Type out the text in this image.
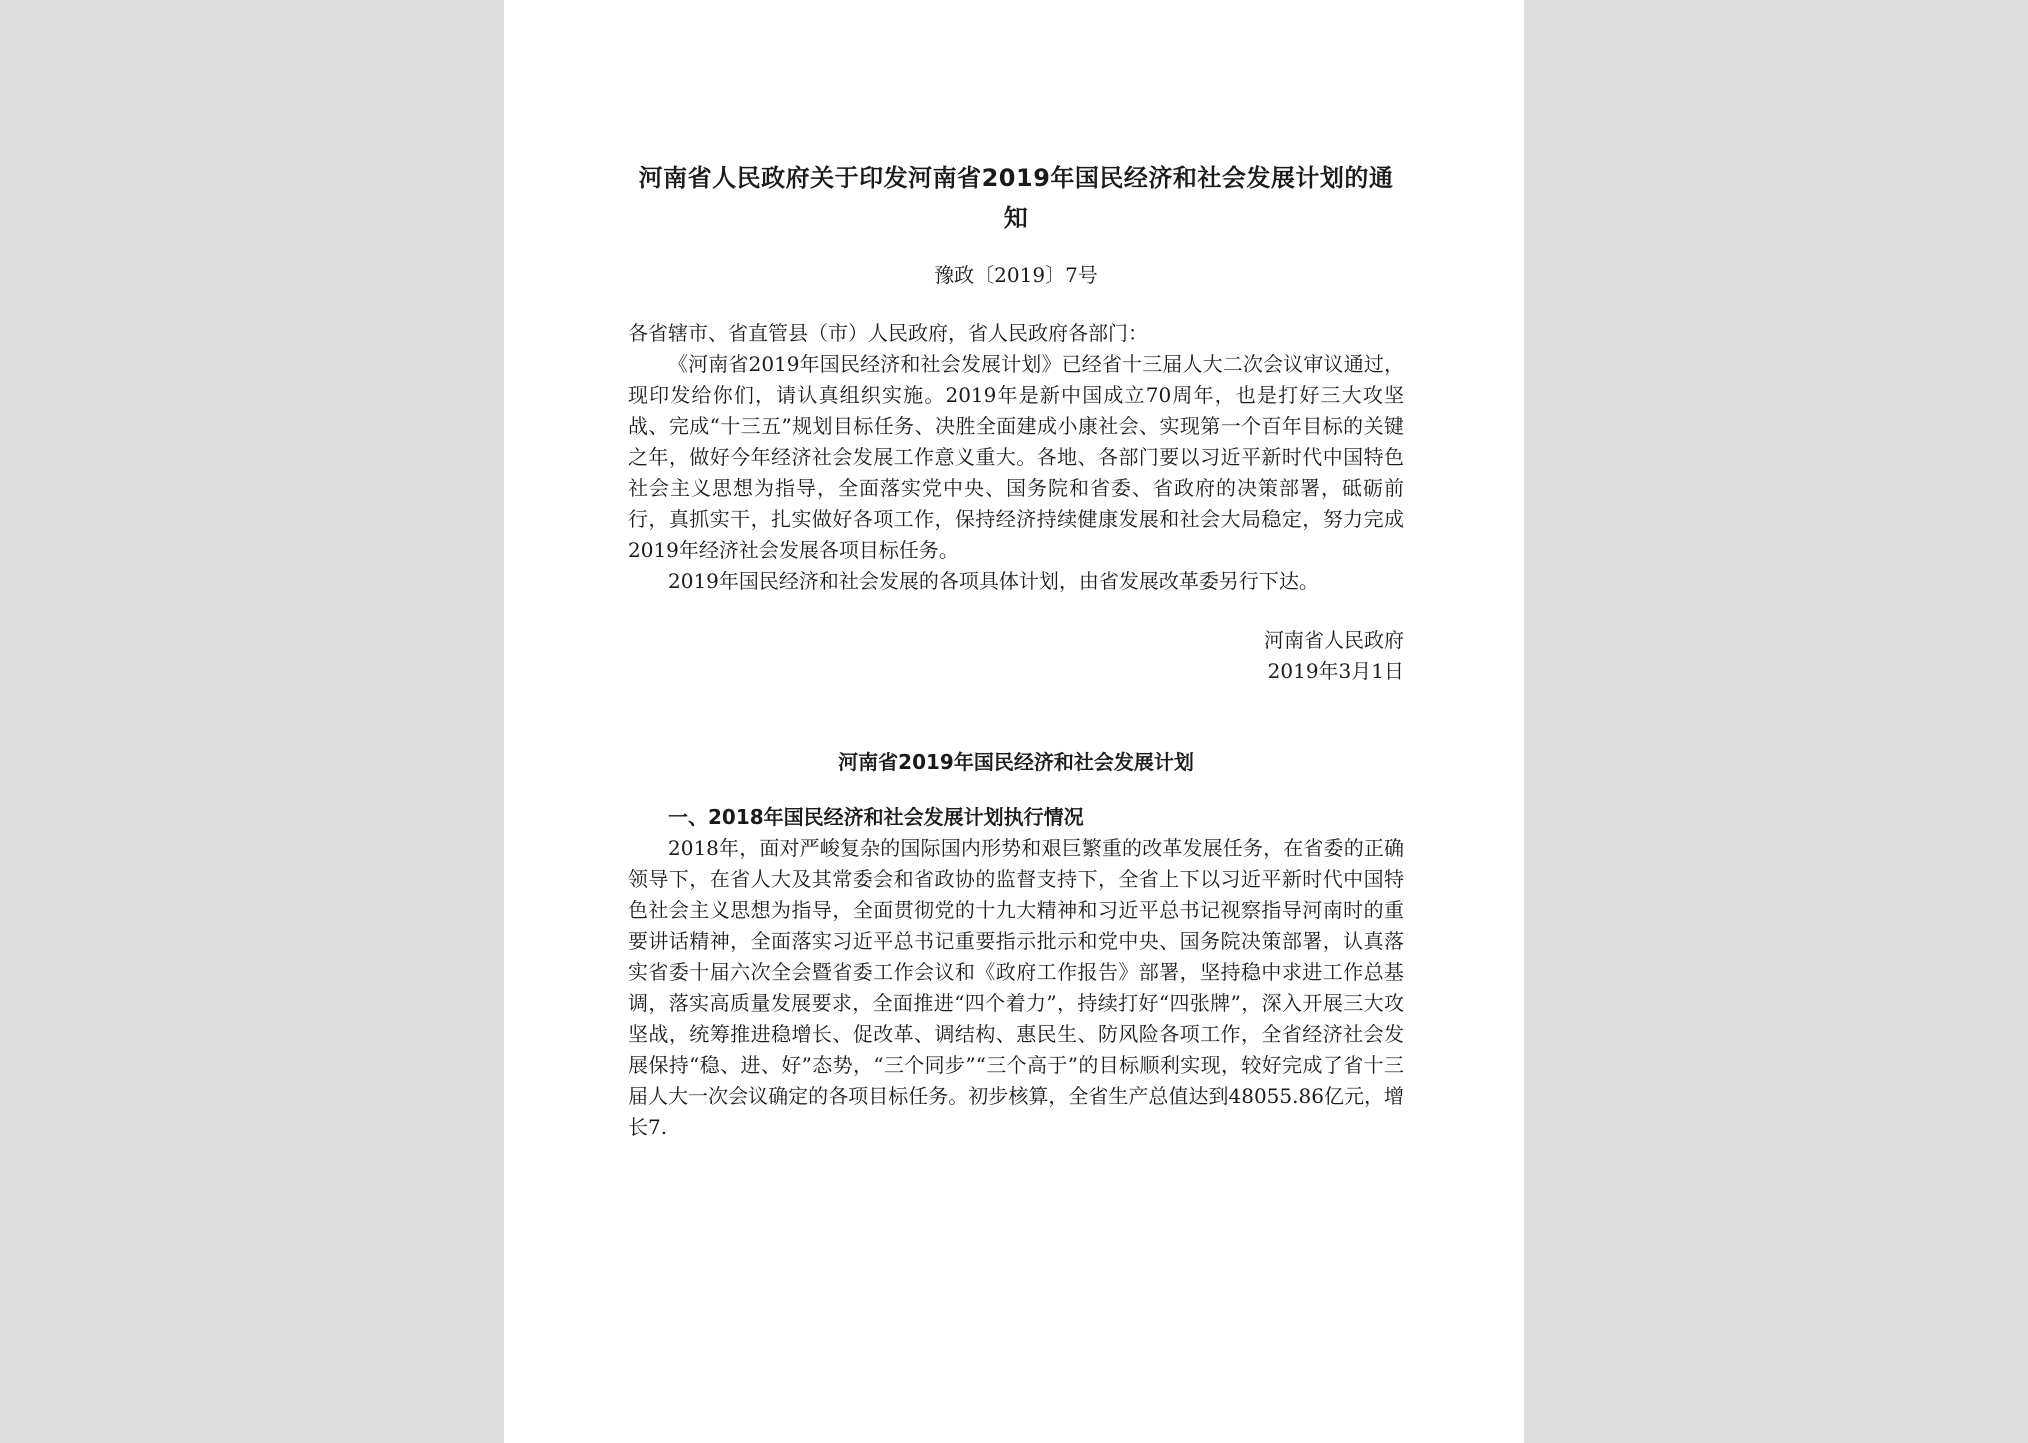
河南省人民政府关于印发河南省2019年国民经济和社会发展计划的通知
豫政〔2019〕7号
各省辖市、省直管县（市）人民政府，省人民政府各部门：

《河南省2019年国民经济和社会发展计划》已经省十三届人大二次会议审议通过，现印发给你们，请认真组织实施。2019年是新中国成立70周年，也是打好三大攻坚战、完成“十三五”规划目标任务、决胜全面建成小康社会、实现第一个百年目标的关键之年，做好今年经济社会发展工作意义重大。各地、各部门要以习近平新时代中国特色社会主义思想为指导，全面落实党中央、国务院和省委、省政府的决策部署，砥砺前行，真抓实干，扎实做好各项工作，保持经济持续健康发展和社会大局稳定，努力完成2019年经济社会发展各项目标任务。

2019年国民经济和社会发展的各项具体计划，由省发展改革委另行下达。

河南省人民政府
2019年3月1日
河南省2019年国民经济和社会发展计划
一、2018年国民经济和社会发展计划执行情况

2018年，面对严峻复杂的国际国内形势和艰巨繁重的改革发展任务，在省委的正确领导下，在省人大及其常委会和省政协的监督支持下，全省上下以习近平新时代中国特色社会主义思想为指导，全面贯彻党的十九大精神和习近平总书记视察指导河南时的重要讲话精神，全面落实习近平总书记重要指示批示和党中央、国务院决策部署，认真落实省委十届六次全会暨省委工作会议和《政府工作报告》部署，坚持稳中求进工作总基调，落实高质量发展要求，全面推进“四个着力”，持续打好“四张牌”，深入开展三大攻坚战，统筹推进稳增长、促改革、调结构、惠民生、防风险各项工作，全省经济社会发展保持“稳、进、好”态势，“三个同步”“三个高于”的目标顺利实现，较好完成了省十三届人大一次会议确定的各项目标任务。初步核算，全省生产总值达到48055.86亿元，增长7.
